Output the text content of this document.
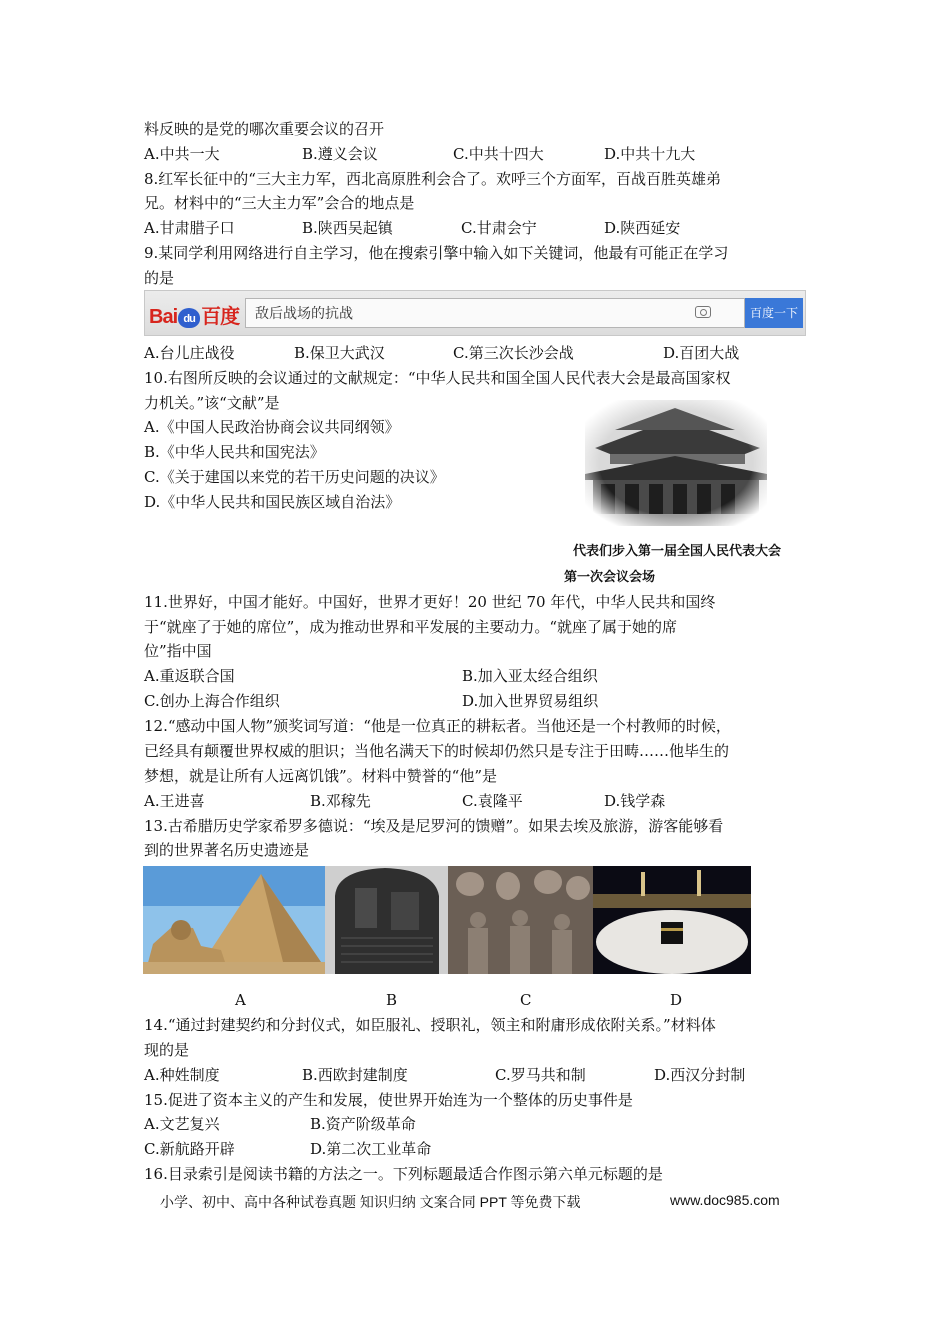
料反映的是党的哪次重要会议的召开
A.中共一大	B.遵义会议	C.中共十四大	D.中共十九大
8.红军长征中的“三大主力军，西北高原胜利会合了。欢呼三个方面军，百战百胜英雄弟
兄。材料中的“三大主力军”会合的地点是
A.甘肃腊子口	B.陕西吴起镇	C.甘肃会宁	D.陕西延安
9.某同学利用网络进行自主学习，他在搜索引擎中输入如下关键词，他最有可能正在学习
的是
Bai du 百度 敌后战场的抗战	百度一下
A.台儿庄战役	B.保卫大武汉	C.第三次长沙会战	D.百团大战
10.右图所反映的会议通过的文献规定：“中华人民共和国全国人民代表大会是最高国家权
力机关。”该“文献”是
A.《中国人民政治协商会议共同纲领》
B.《中华人民共和国宪法》
C.《关于建国以来党的若干历史问题的决议》
D.《中华人民共和国民族区域自治法》
代表们步入第一届全国人民代表大会
第一次会议会场
11.世界好，中国才能好。中国好，世界才更好！20 世纪 70 年代，中华人民共和国终
于“就座了于她的席位”，成为推动世界和平发展的主要动力。“就座了属于她的席
位”指中国
A.重返联合国	B.加入亚太经合组织
C.创办上海合作组织	D.加入世界贸易组织
12.“感动中国人物”颁奖词写道：“他是一位真正的耕耘者。当他还是一个村教师的时候，
已经具有颠覆世界权威的胆识；当他名满天下的时候却仍然只是专注于田畴……他毕生的
梦想，就是让所有人远离饥饿”。材料中赞誉的“他”是
A.王进喜	B.邓稼先	C.袁隆平	D.钱学森
13.古希腊历史学家希罗多德说：“埃及是尼罗河的馈赠”。如果去埃及旅游，游客能够看
到的世界著名历史遗迹是
A	B	C	D
14.“通过封建契约和分封仪式，如臣服礼、授职礼，领主和附庸形成依附关系。”材料体
现的是
A.种姓制度	B.西欧封建制度	C.罗马共和制	D.西汉分封制
15.促进了资本主义的产生和发展，使世界开始连为一个整体的历史事件是
A.文艺复兴	B.资产阶级革命
C.新航路开辟	D.第二次工业革命
16.目录索引是阅读书籍的方法之一。下列标题最适合作图示第六单元标题的是
小学、初中、高中各种试卷真题 知识归纳 文案合同 PPT 等免费下载	www.doc985.com
